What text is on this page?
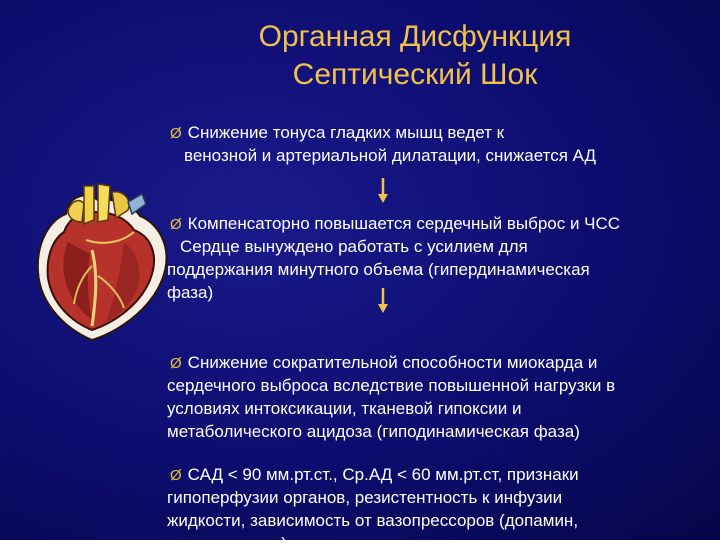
Органная Дисфункция
Септический Шок
Ø Снижение тонуса гладких мышц ведет к
венозной и артериальной дилатации, снижается АД
Ø Компенсаторно повышается сердечный выброс и ЧСС
Сердце вынуждено работать с усилием для
поддержания минутного объема (гипердинамическая
фаза)
Ø Снижение сократительной способности миокарда и
сердечного выброса вследствие повышенной нагрузки в
условиях интоксикации, тканевой гипоксии и
метаболического ацидоза (гиподинамическая фаза)
Ø САД < 90 мм.рт.ст., Ср.АД < 60 мм.рт.ст, признаки
гипоперфузии органов, резистентность к инфузии
жидкости, зависимость от вазопрессоров (допамин,
норадреналин)
